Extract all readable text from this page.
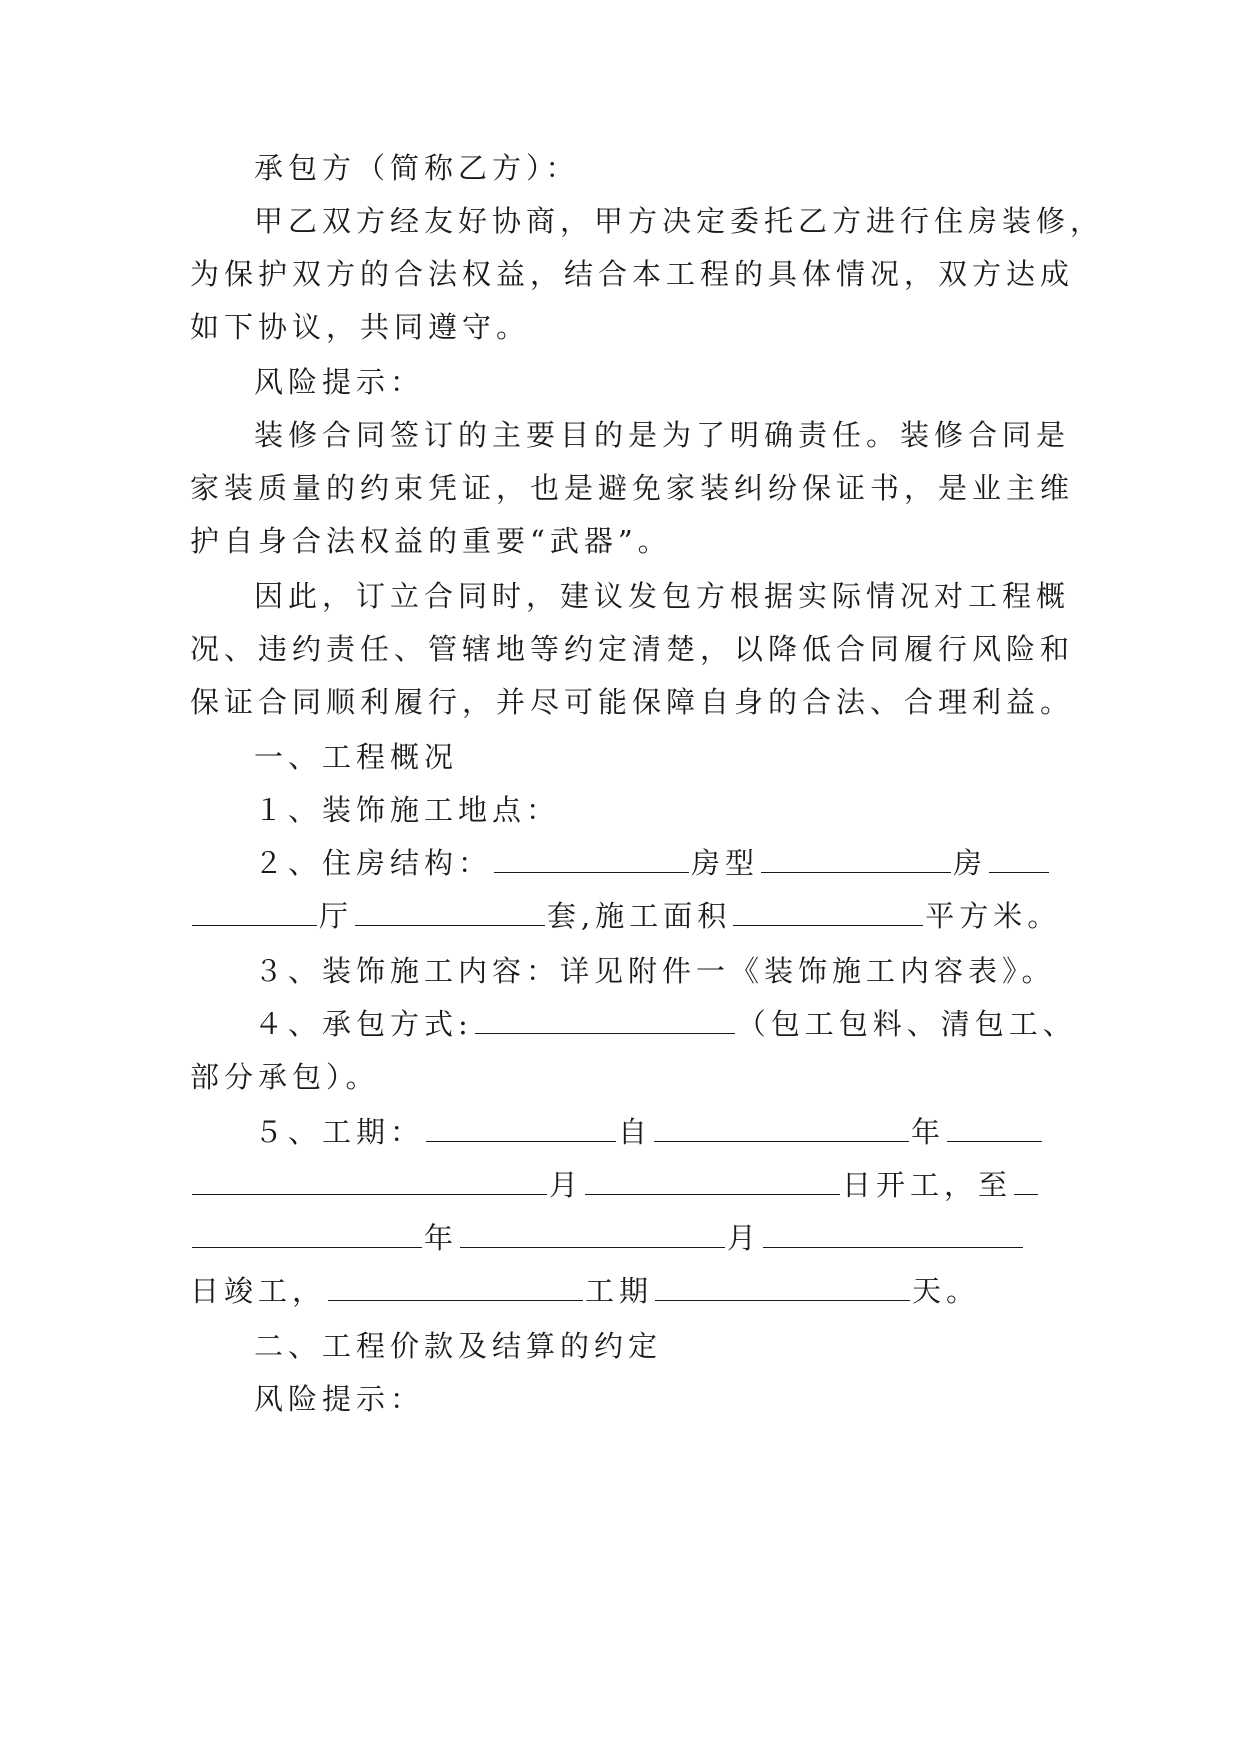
承包方（简称乙方）：
甲乙双方经友好协商，甲方决定委托乙方进行住房装修，
为保护双方的合法权益，结合本工程的具体情况，双方达成
如下协议，共同遵守。
风险提示：
装修合同签订的主要目的是为了明确责任。装修合同是
家装质量的约束凭证，也是避免家装纠纷保证书，是业主维
护自身合法权益的重要“武器”。
因此，订立合同时，建议发包方根据实际情况对工程概
况、违约责任、管辖地等约定清楚，以降低合同履行风险和
保证合同顺利履行，并尽可能保障自身的合法、合理利益。
一、工程概况
１、装饰施工地点：
２、住房结构：	房型	房
厅	套,施工面积	平方米。
３、装饰施工内容：详见附件一《装饰施工内容表》。
４、承包方式:	（包工包料、清包工、
部分承包）。
５、工期：	自	年
月	日开工，至
年	月
日竣工，	工期	天。
二、工程价款及结算的约定
风险提示：
